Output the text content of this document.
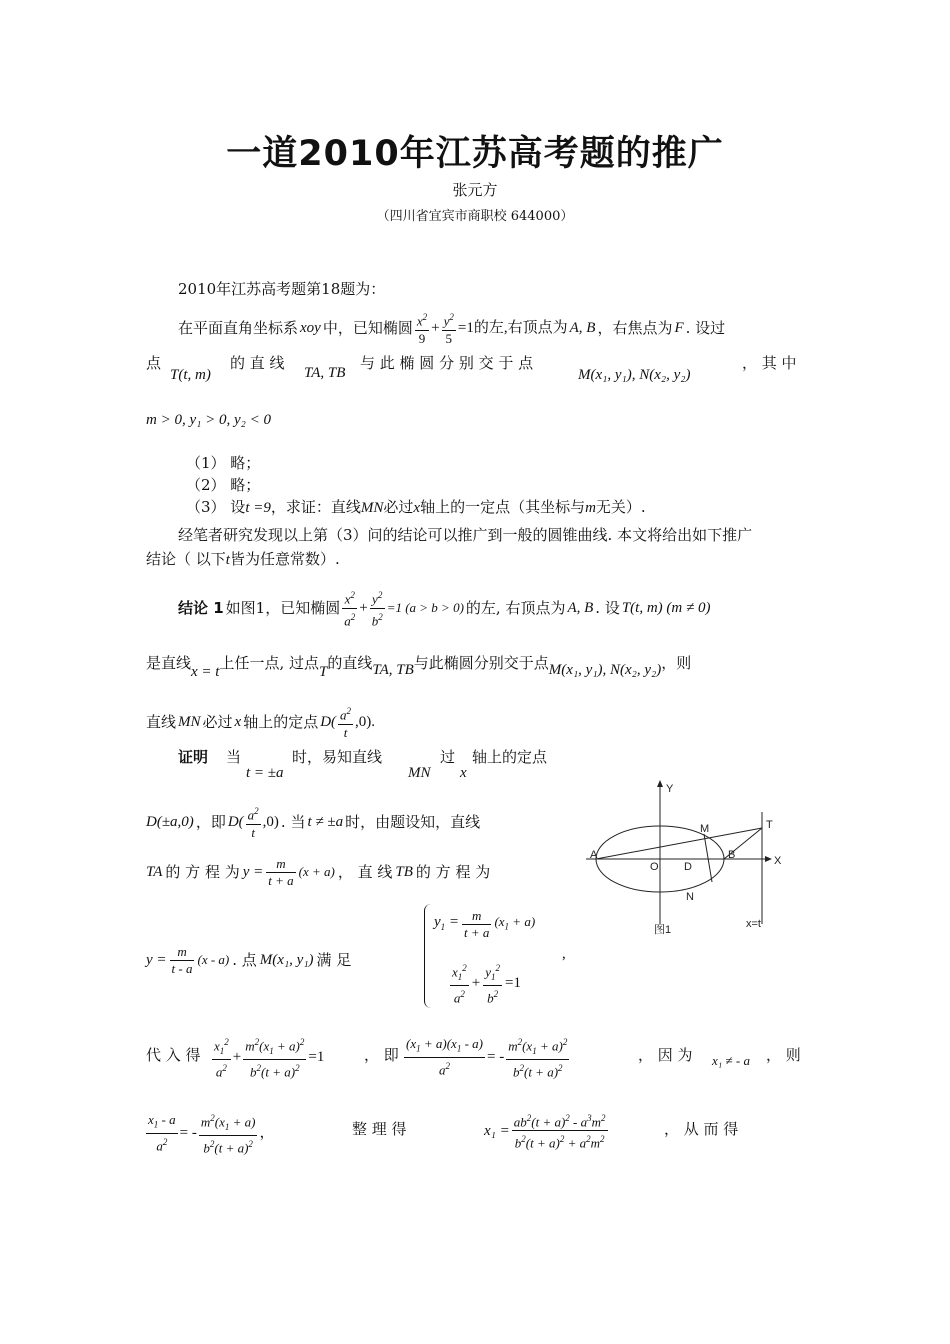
一道2010年江苏高考题的推广
张元方
（四川省宜宾市商职校 644000）
2010年江苏高考题第18题为：
在平面直角坐标系 xoy 中，已知椭圆 $\frac{x^2}{9} + \frac{y^2}{5} =1$的左,右顶点为 A, B ，右焦点为 F . 设过
点
T(t, m)
的 直 线
TA, TB
与 此 椭 圆 分 别 交 于 点
M(x₁, y₁), N(x₂, y₂)
， 其 中
m > 0, y₁ > 0, y₂ < 0
（1） 略；
（2） 略；
（3） 设t =9，求证：直线MN必过x轴上的一定点（其坐标与m无关）.
经笔者研究发现以上第（3）问的结论可以推广到一般的圆锥曲线. 本文将给出如下推广
结论（ 以下t皆为任意常数）.
结论 1 如图1，已知椭圆 $\frac{x^2}{a^2} + \frac{y^2}{b^2} =1$ (a > b > 0) 的左, 右顶点为 A, B . 设 T(t, m) (m ≠ 0)
是直线x = t上任一点, 过点T的直线TA, TB与此椭圆分别交于点M(x₁, y₁), N(x₂, y₂)，则
直线 MN 必过 x 轴上的定点 $D( \frac{a^2}{t} ,0)$.
证明 当
t = ±a
时，易知直线
MN
过
x
轴上的定点
D(±a,0) ，即 $D( \frac{a^2}{t} ,0)$ . 当 t ≠ ±a 时，由题设知，直线
TA 的 方 程 为 $y = \frac{m}{t + a} (x + a)$ ， 直 线 TB 的 方 程 为
$y = \frac{m}{t - a} (x - a)$ . 点 M(x₁, y₁) 满 足
$y_1 = \frac{m}{t + a} (x_1 + a)$
$\frac{x_1^2}{a^2} + \frac{y_1^2}{b^2} =1$
,
代 入 得 $\frac{x_1^2}{a^2} + \frac{m^2(x_1 + a)^2}{b^2(t + a)^2} =1$	， 即 $\frac{(x_1 + a)(x_1 - a)}{a^2}$ = - $\frac{m^2(x_1 + a)^2}{b^2(t + a)^2}$	， 因 为 x₁ ≠ - a ， 则
$\frac{x_1 - a}{a^2}$ = - $\frac{m^2(x_1 + a)}{b^2(t + a)^2}$ ，	整 理 得	$x_1 = \frac{ab^2(t + a)^2 - a^3m^2}{b^2(t + a)^2 + a^2m^2}$	， 从 而 得
Y
X
A
O D
B
M
N
T
图1	x=t
